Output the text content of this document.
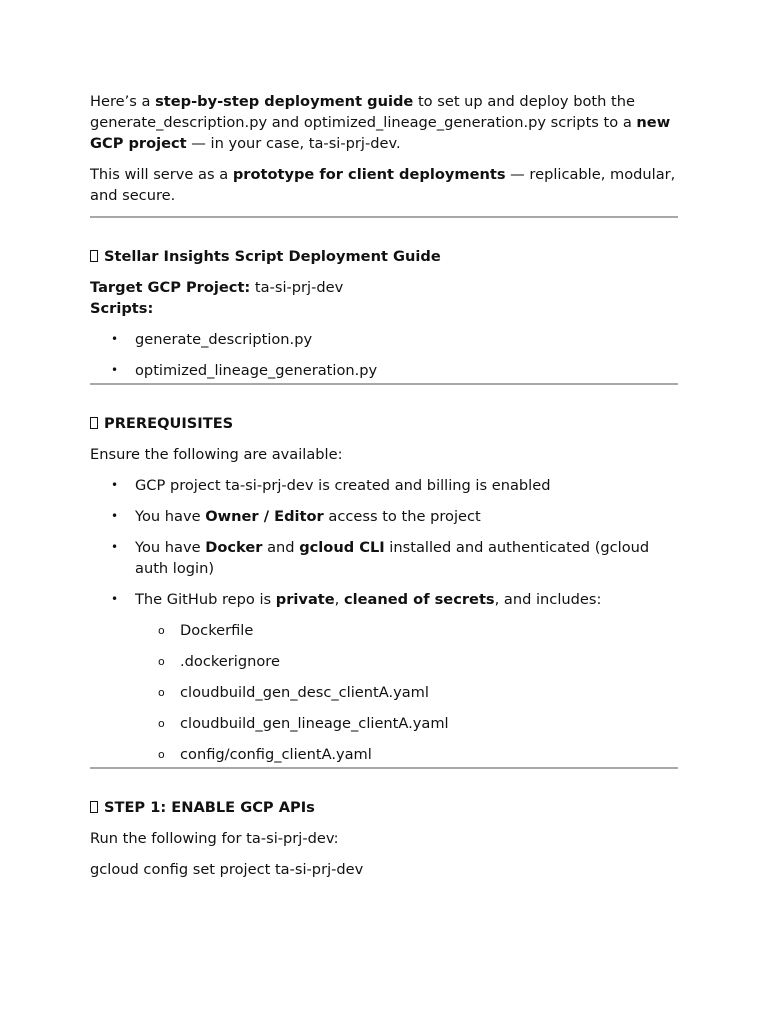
Here’s a step-by-step deployment guide to set up and deploy both the generate_description.py and optimized_lineage_generation.py scripts to a new GCP project — in your case, ta-si-prj-dev.

This will serve as a prototype for client deployments — replicable, modular, and secure.

Stellar Insights Script Deployment Guide
Target GCP Project: ta-si-prj-dev
Scripts:
• generate_description.py
• optimized_lineage_generation.py
PREREQUISITES

Ensure the following are available:

• GCP project ta-si-prj-dev is created and billing is enabled
• You have Owner / Editor access to the project
• You have Docker and gcloud CLI installed and authenticated (gcloud auth login)
• The GitHub repo is private, cleaned of secrets, and includes:
o Dockerfile
o .dockerignore
o cloudbuild_gen_desc_clientA.yaml
o cloudbuild_gen_lineage_clientA.yaml
o config/config_clientA.yaml
STEP 1: ENABLE GCP APIs

Run the following for ta-si-prj-dev:

gcloud config set project ta-si-prj-dev
